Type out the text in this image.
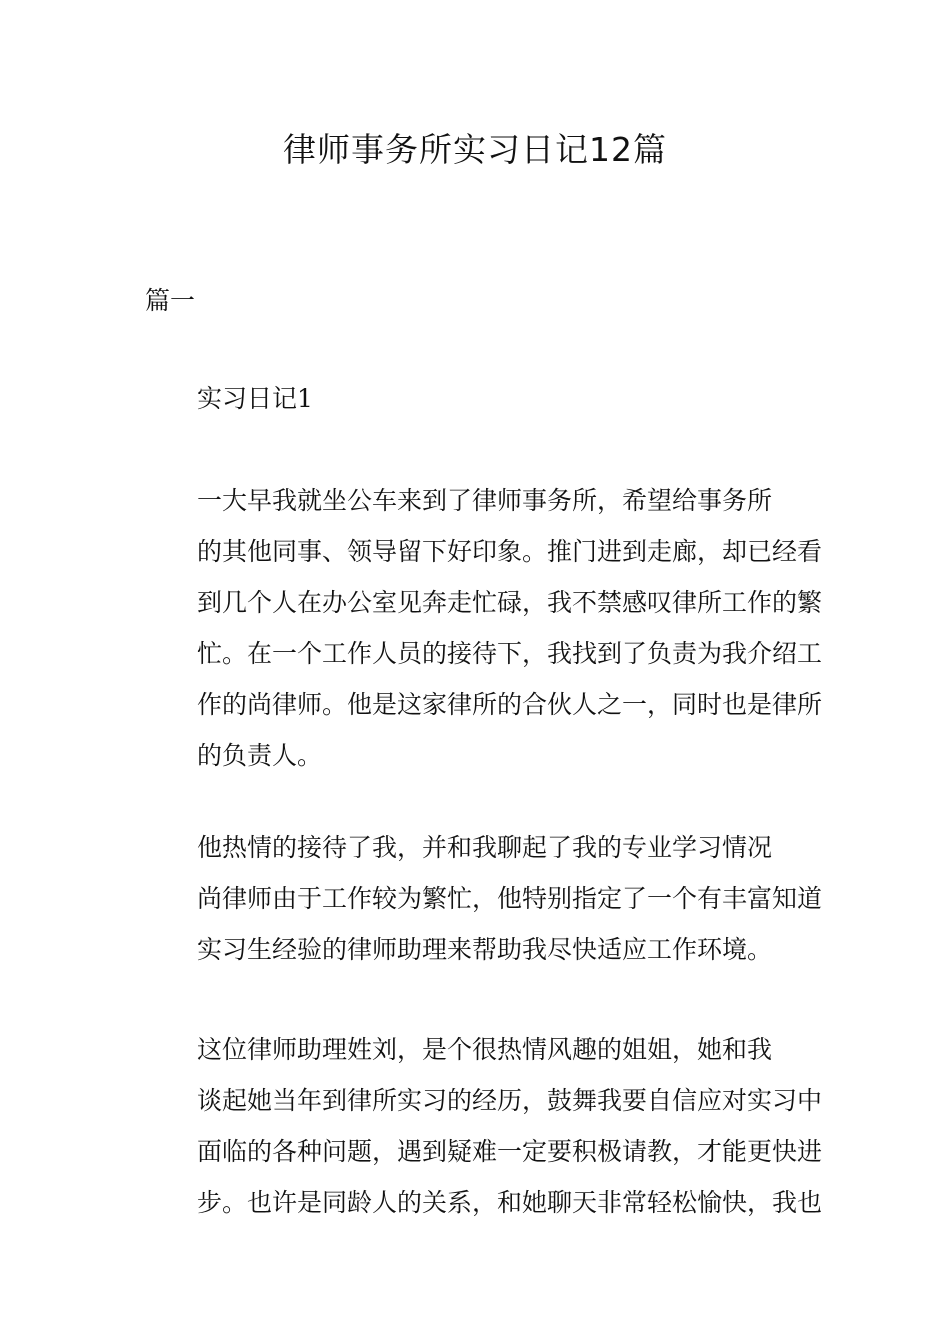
律师事务所实习日记12篇
篇一
实习日记1

一大早我就坐公车来到了律师事务所，希望给事务所
的其他同事、领导留下好印象。推门进到走廊，却已经看
到几个人在办公室见奔走忙碌，我不禁感叹律所工作的繁
忙。在一个工作人员的接待下，我找到了负责为我介绍工
作的尚律师。他是这家律所的合伙人之一，同时也是律所
的负责人。

他热情的接待了我，并和我聊起了我的专业学习情况
尚律师由于工作较为繁忙，他特别指定了一个有丰富知道
实习生经验的律师助理来帮助我尽快适应工作环境。

这位律师助理姓刘，是个很热情风趣的姐姐，她和我
谈起她当年到律所实习的经历，鼓舞我要自信应对实习中
面临的各种问题，遇到疑难一定要积极请教，才能更快进
步。也许是同龄人的关系，和她聊天非常轻松愉快，我也
